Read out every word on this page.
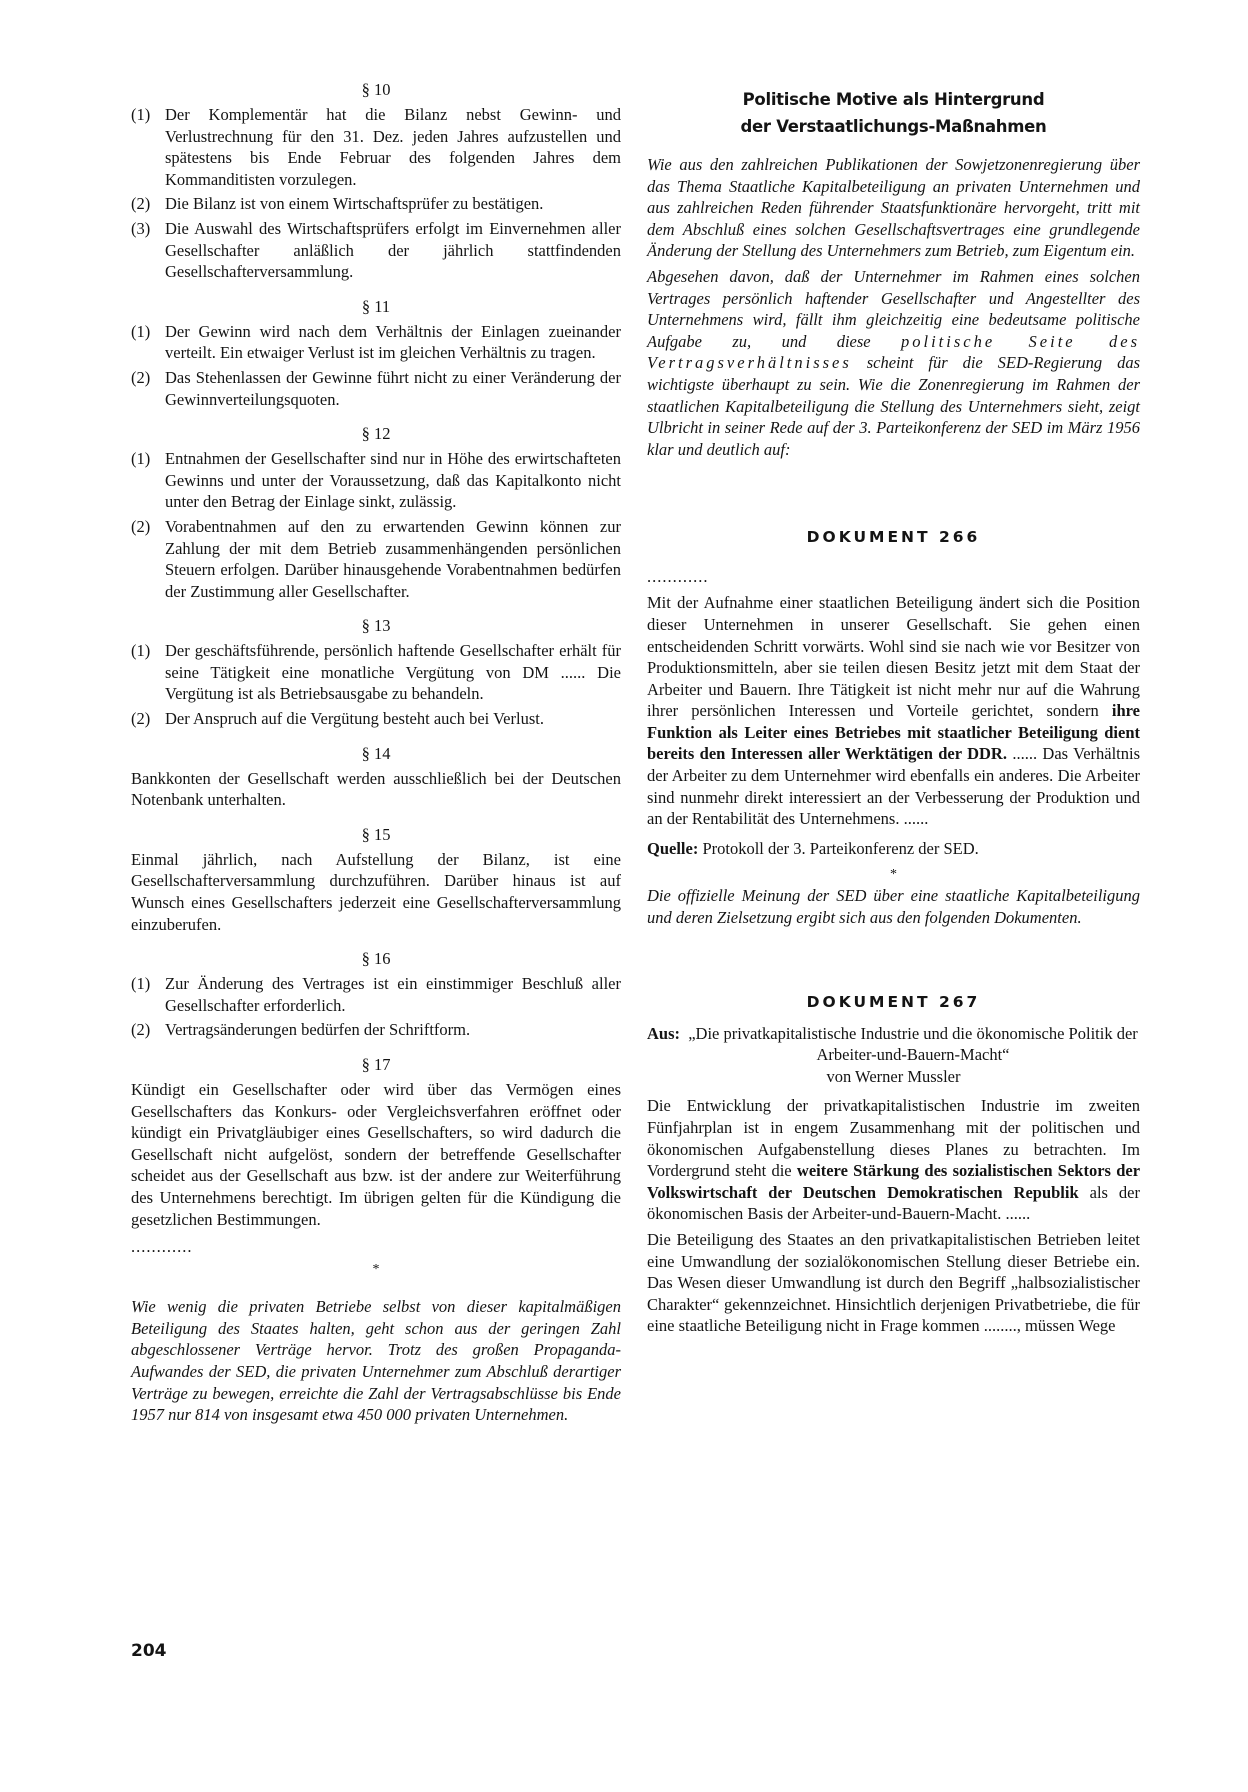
§ 10
(1) Der Komplementär hat die Bilanz nebst Gewinn- und Verlustrechnung für den 31. Dez. jeden Jahres aufzustellen und spätestens bis Ende Februar des folgenden Jahres dem Kommanditisten vorzulegen.
(2) Die Bilanz ist von einem Wirtschaftsprüfer zu bestätigen.
(3) Die Auswahl des Wirtschaftsprüfers erfolgt im Einvernehmen aller Gesellschafter anläßlich der jährlich stattfindenden Gesellschafterversammlung.
§ 11
(1) Der Gewinn wird nach dem Verhältnis der Einlagen zueinander verteilt. Ein etwaiger Verlust ist im gleichen Verhältnis zu tragen.
(2) Das Stehenlassen der Gewinne führt nicht zu einer Veränderung der Gewinnverteilungsquoten.
§ 12
(1) Entnahmen der Gesellschafter sind nur in Höhe des erwirtschafteten Gewinns und unter der Voraussetzung, daß das Kapitalkonto nicht unter den Betrag der Einlage sinkt, zulässig.
(2) Vorabentnahmen auf den zu erwartenden Gewinn können zur Zahlung der mit dem Betrieb zusammenhängenden persönlichen Steuern erfolgen. Darüber hinausgehende Vorabentnahmen bedürfen der Zustimmung aller Gesellschafter.
§ 13
(1) Der geschäftsführende, persönlich haftende Gesellschafter erhält für seine Tätigkeit eine monatliche Vergütung von DM ...... Die Vergütung ist als Betriebsausgabe zu behandeln.
(2) Der Anspruch auf die Vergütung besteht auch bei Verlust.
§ 14

Bankkonten der Gesellschaft werden ausschließlich bei der Deutschen Notenbank unterhalten.

§ 15

Einmal jährlich, nach Aufstellung der Bilanz, ist eine Gesellschafterversammlung durchzuführen. Darüber hinaus ist auf Wunsch eines Gesellschafters jederzeit eine Gesellschafterversammlung einzuberufen.

§ 16
(1) Zur Änderung des Vertrages ist ein einstimmiger Beschluß aller Gesellschafter erforderlich.
(2) Vertragsänderungen bedürfen der Schriftform.
§ 17

Kündigt ein Gesellschafter oder wird über das Vermögen eines Gesellschafters das Konkurs- oder Vergleichsverfahren eröffnet oder kündigt ein Privatgläubiger eines Gesellschafters, so wird dadurch die Gesellschaft nicht aufgelöst, sondern der betreffende Gesellschafter scheidet aus der Gesellschaft aus bzw. ist der andere zur Weiterführung des Unternehmens berechtigt. Im übrigen gelten für die Kündigung die gesetzlichen Bestimmungen.

............
*

Wie wenig die privaten Betriebe selbst von dieser kapitalmäßigen Beteiligung des Staates halten, geht schon aus der geringen Zahl abgeschlossener Verträge hervor. Trotz des großen Propaganda-Aufwandes der SED, die privaten Unternehmer zum Abschluß derartiger Verträge zu bewegen, erreichte die Zahl der Vertragsabschlüsse bis Ende 1957 nur 814 von insgesamt etwa 450 000 privaten Unternehmen.

Politische Motive als Hintergrund
der Verstaatlichungs-Maßnahmen

Wie aus den zahlreichen Publikationen der Sowjetzonenregierung über das Thema Staatliche Kapitalbeteiligung an privaten Unternehmen und aus zahlreichen Reden führender Staatsfunktionäre hervorgeht, tritt mit dem Abschluß eines solchen Gesellschaftsvertrages eine grundlegende Änderung der Stellung des Unternehmers zum Betrieb, zum Eigentum ein.

Abgesehen davon, daß der Unternehmer im Rahmen eines solchen Vertrages persönlich haftender Gesellschafter und Angestellter des Unternehmens wird, fällt ihm gleichzeitig eine bedeutsame politische Aufgabe zu, und diese politische Seite des Vertragsverhältnisses scheint für die SED-Regierung das wichtigste überhaupt zu sein. Wie die Zonenregierung im Rahmen der staatlichen Kapitalbeteiligung die Stellung des Unternehmers sieht, zeigt Ulbricht in seiner Rede auf der 3. Parteikonferenz der SED im März 1956 klar und deutlich auf:

DOKUMENT 266
............

Mit der Aufnahme einer staatlichen Beteiligung ändert sich die Position dieser Unternehmen in unserer Gesellschaft. Sie gehen einen entscheidenden Schritt vorwärts. Wohl sind sie nach wie vor Besitzer von Produktionsmitteln, aber sie teilen diesen Besitz jetzt mit dem Staat der Arbeiter und Bauern. Ihre Tätigkeit ist nicht mehr nur auf die Wahrung ihrer persönlichen Interessen und Vorteile gerichtet, sondern ihre Funktion als Leiter eines Betriebes mit staatlicher Beteiligung dient bereits den Interessen aller Werktätigen der DDR. ...... Das Verhältnis der Arbeiter zu dem Unternehmer wird ebenfalls ein anderes. Die Arbeiter sind nunmehr direkt interessiert an der Verbesserung der Produktion und an der Rentabilität des Unternehmens. ......

Quelle: Protokoll der 3. Parteikonferenz der SED.

*

Die offizielle Meinung der SED über eine staatliche Kapitalbeteiligung und deren Zielsetzung ergibt sich aus den folgenden Dokumenten.

DOKUMENT 267
Aus: „Die privatkapitalistische Industrie und die ökonomische Politik der Arbeiter-und-Bauern-Macht“
von Werner Mussler

Die Entwicklung der privatkapitalistischen Industrie im zweiten Fünfjahrplan ist in engem Zusammenhang mit der politischen und ökonomischen Aufgabenstellung dieses Planes zu betrachten. Im Vordergrund steht die weitere Stärkung des sozialistischen Sektors der Volkswirtschaft der Deutschen Demokratischen Republik als der ökonomischen Basis der Arbeiter-und-Bauern-Macht. ......

Die Beteiligung des Staates an den privatkapitalistischen Betrieben leitet eine Umwandlung der sozialökonomischen Stellung dieser Betriebe ein. Das Wesen dieser Umwandlung ist durch den Begriff „halbsozialistischer Charakter“ gekennzeichnet. Hinsichtlich derjenigen Privatbetriebe, die für eine staatliche Beteiligung nicht in Frage kommen ........, müssen Wege

204
